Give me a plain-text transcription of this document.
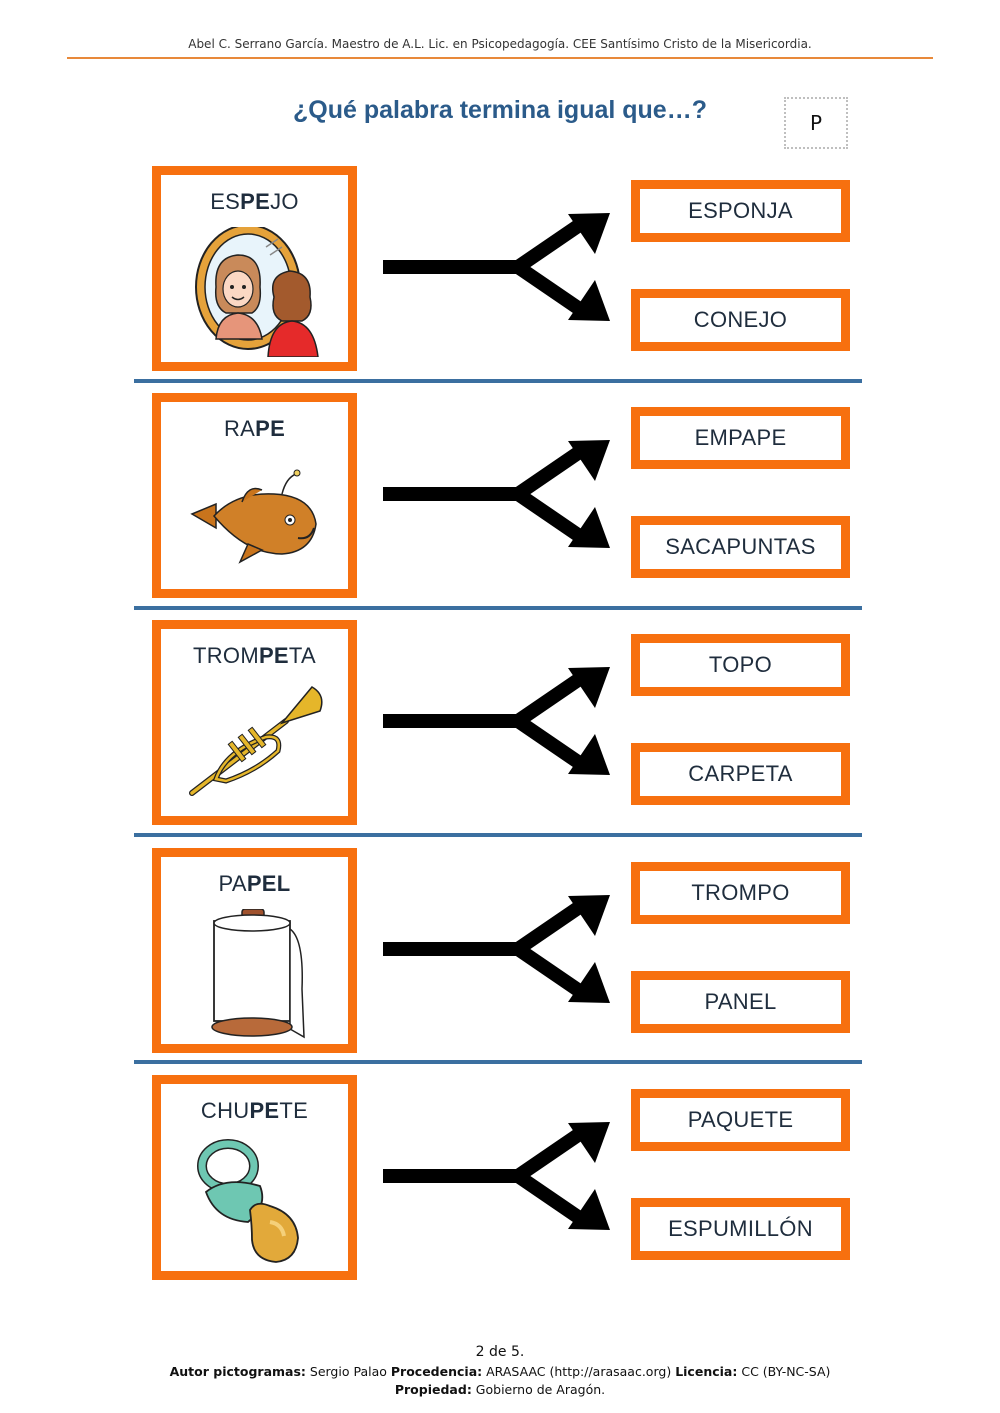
Abel C. Serrano García. Maestro de A.L. Lic. en Psicopedagogía. CEE Santísimo Cristo de la Misericordia.
¿Qué palabra termina igual que…?	P
ESPEJO	ESPONJA
CONEJO
RAPE	EMPAPE
SACAPUNTAS
TROMPETA	TOPO
CARPETA
PAPEL	TROMPO
PANEL
CHUPETE	PAQUETE
ESPUMILLÓN
2 de 5.
Autor pictogramas: Sergio Palao Procedencia: ARASAAC (http://arasaac.org) Licencia: CC (BY-NC-SA)
Propiedad: Gobierno de Aragón.
